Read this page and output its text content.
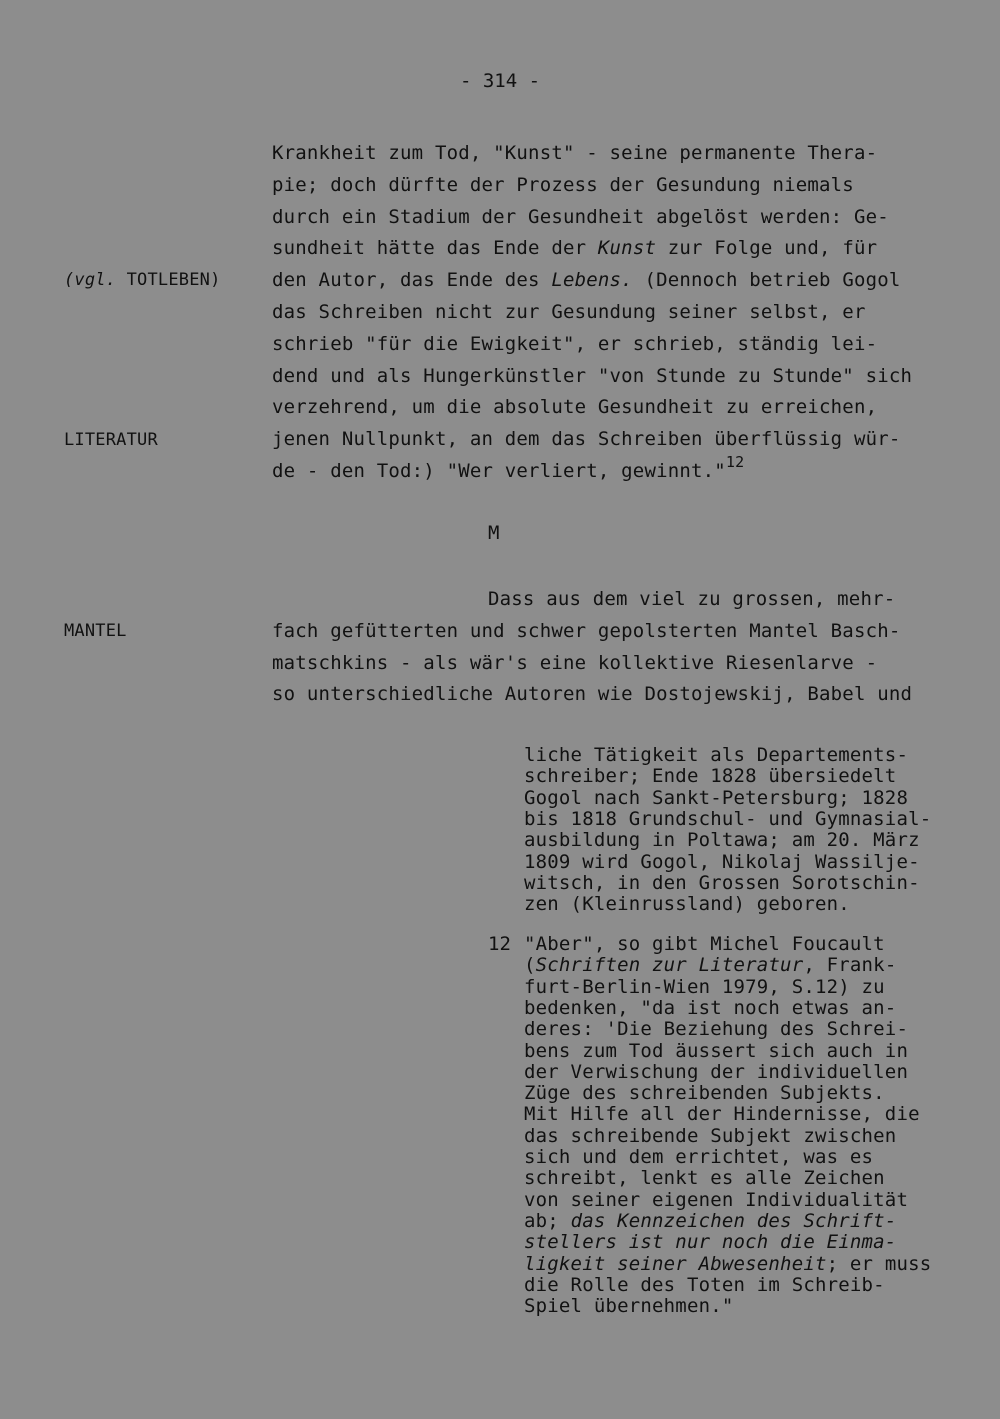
- 314 -
(vgl. TOTLEBEN)
LITERATUR
MANTEL
Krankheit zum Tod, "Kunst" - seine permanente Thera-
pie; doch dürfte der Prozess der Gesundung niemals
durch ein Stadium der Gesundheit abgelöst werden: Ge-
sundheit hätte das Ende der Kunst zur Folge und, für
den Autor, das Ende des Lebens. (Dennoch betrieb Gogol
das Schreiben nicht zur Gesundung seiner selbst, er
schrieb "für die Ewigkeit", er schrieb, ständig lei-
dend und als Hungerkünstler "von Stunde zu Stunde" sich
verzehrend, um die absolute Gesundheit zu erreichen,
jenen Nullpunkt, an dem das Schreiben überflüssig wür-
de - den Tod:) "Wer verliert, gewinnt."$^{12}$
M
Dass aus dem viel zu grossen, mehr-
fach gefütterten und schwer gepolsterten Mantel Basch-
matschkins - als wär's eine kollektive Riesenlarve -
so unterschiedliche Autoren wie Dostojewskij, Babel und
liche Tätigkeit als Departements-
schreiber; Ende 1828 übersiedelt
Gogol nach Sankt-Petersburg; 1828
bis 1818 Grundschul- und Gymnasial-
ausbildung in Poltawa; am 20. März
1809 wird Gogol, Nikolaj Wassilje-
witsch, in den Grossen Sorotschin-
zen (Kleinrussland) geboren.
12 "Aber", so gibt Michel Foucault
(Schriften zur Literatur, Frank-
furt-Berlin-Wien 1979, S.12) zu
bedenken, "da ist noch etwas an-
deres: 'Die Beziehung des Schrei-
bens zum Tod äussert sich auch in
der Verwischung der individuellen
Züge des schreibenden Subjekts.
Mit Hilfe all der Hindernisse, die
das schreibende Subjekt zwischen
sich und dem errichtet, was es
schreibt, lenkt es alle Zeichen
von seiner eigenen Individualität
ab; das Kennzeichen des Schrift-
stellers ist nur noch die Einma-
ligkeit seiner Abwesenheit; er muss
die Rolle des Toten im Schreib-
Spiel übernehmen."
